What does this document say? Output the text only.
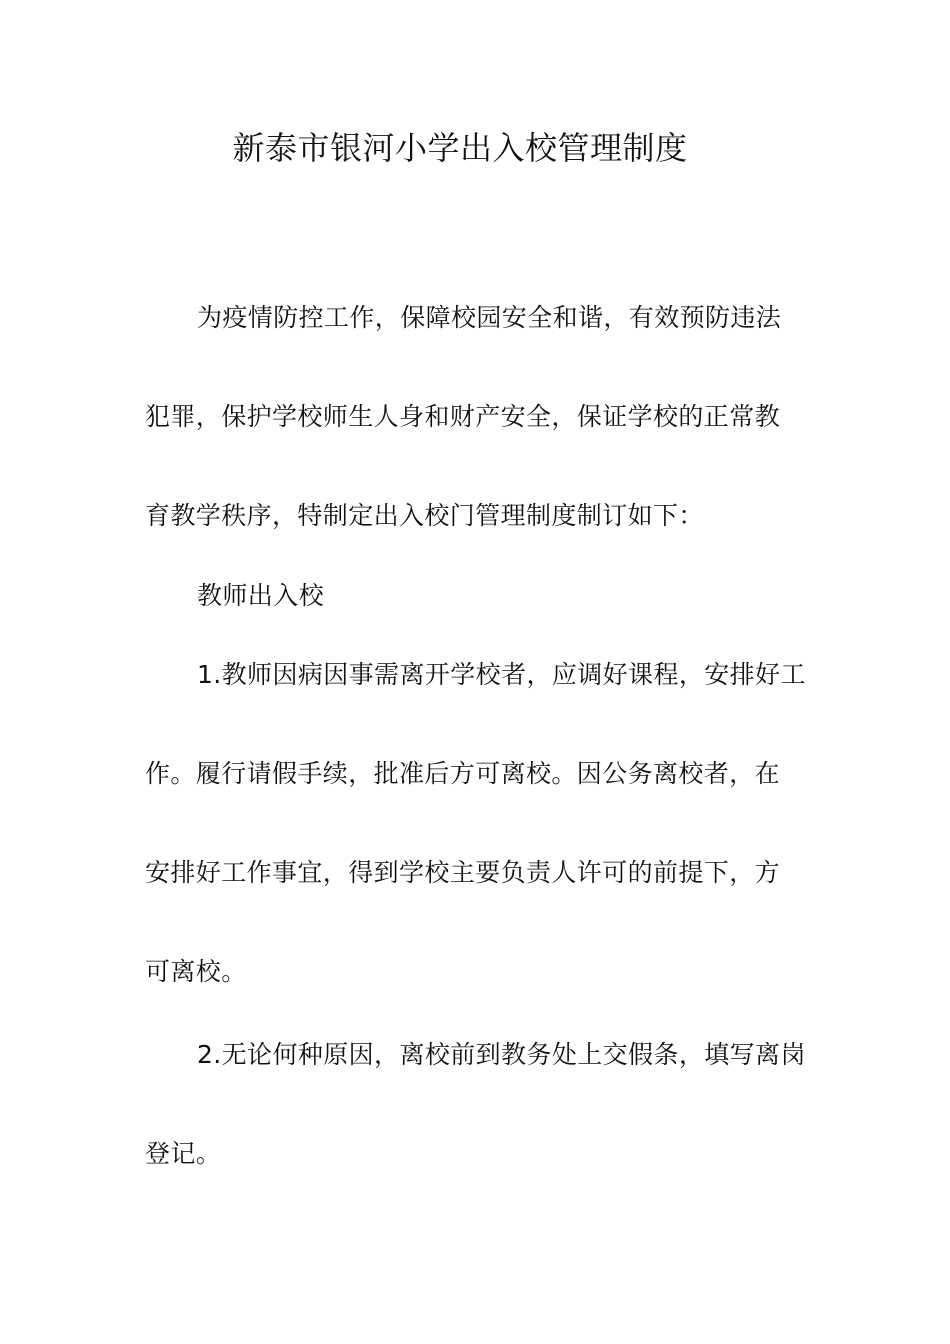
新泰市银河小学出入校管理制度
为疫情防控工作，保障校园安全和谐，有效预防违法
犯罪，保护学校师生人身和财产安全，保证学校的正常教
育教学秩序，特制定出入校门管理制度制订如下：
教师出入校
1.教师因病因事需离开学校者，应调好课程，安排好工
作。履行请假手续，批准后方可离校。因公务离校者，在
安排好工作事宜，得到学校主要负责人许可的前提下，方
可离校。
2.无论何种原因，离校前到教务处上交假条，填写离岗
登记。
